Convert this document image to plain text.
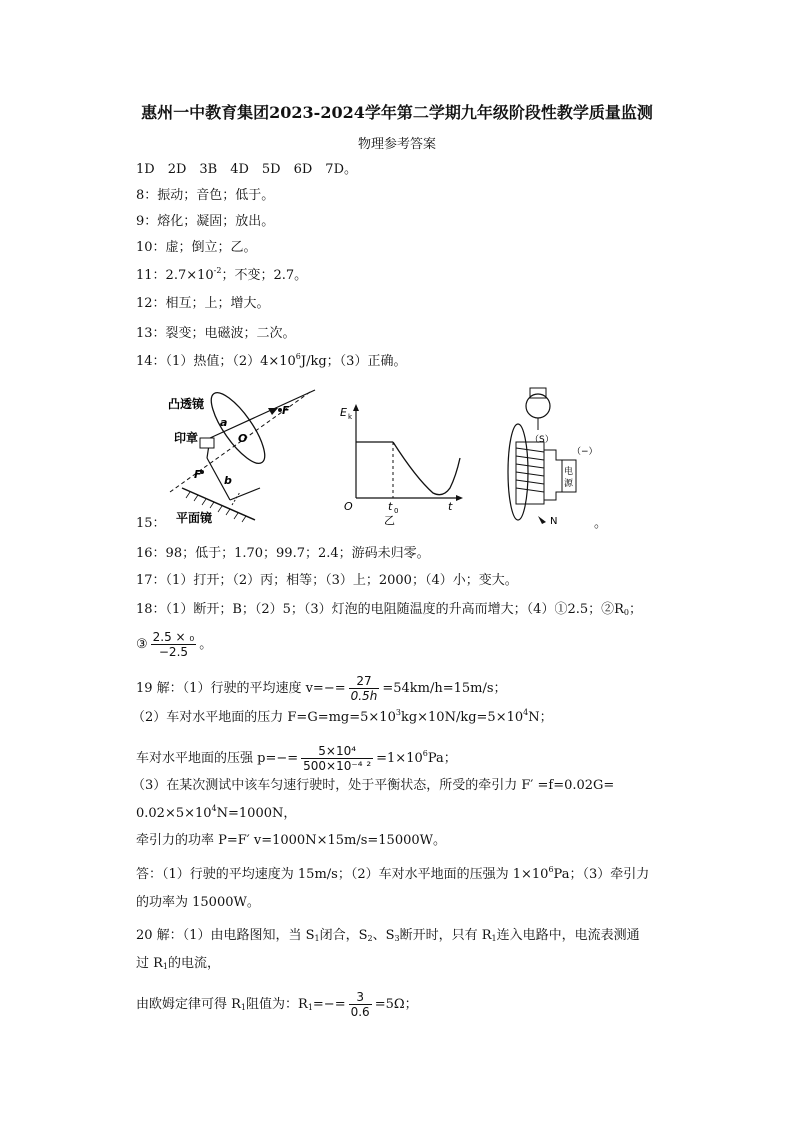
惠州一中教育集团2023-2024学年第二学期九年级阶段性教学质量监测
物理参考答案
1D　2D　3B　4D　5D　6D　7D。
8：振动；音色；低于。
9：熔化；凝固；放出。
10：虚；倒立；乙。
11：$2.7\times 10^{-2}$；不变；2.7。
12：相互；上；增大。
13：裂变；电磁波；二次。
14：（1）热值；$(2)4\times 10^6J/kg$；（3）正确。
15：	。
凸透镜
印章
平面镜
F
F
a
b
O
E k
O	t 0	t
乙
电
源
（S）
（−）
N
16：98；低于；1.70；99.7；2.4；游码未归零。
17：（1）打开；（2）丙；相等；（3）上；2000；（4）小；变大。
18：（1）断开；B；（2）5；（3）灯泡的电阻随温度的升高而增大；（4）①2.5；$②R_0$；
③ $\frac{\text{2.5 × ₀}}{-2.5}$ 。
19 解：（1）行驶的平均速度 $v=-= \frac{27}{0.5h} =54km/h=15m/s$；
（2）车对水平地面的压力 $F=G=mg=5\times 10^3kg\times 10N/kg=5\times 10^4N$；
车对水平地面的压强 $p=-= \frac{\text{5×10⁴}}{\text{500×10⁻⁴ ²}} =1\times 10^6Pa$；
（3）在某次测试中该车匀速行驶时，处于平衡状态，所受的牵引力 F′ =f=0.02G=
$0.02\times 5\times 10^4N=1000N$，
牵引力的功率 P=F′ v=1000N×15m/s=15000W。
答：（1）行驶的平均速度为 15m/s；（2）车对水平地面的压强为 $1\times 10^6Pa$；（3）牵引力
的功率为 15000W。
20 解：（1）由电路图知，当 $S_1$闭合，$S_2$、$S_3$断开时，只有 $R_1$连入电路中，电流表测通
过 $R_1$的电流，
由欧姆定律可得 $R_1$阻值为：$R_1=-= \frac{3}{0.6} =5\Omega$；
